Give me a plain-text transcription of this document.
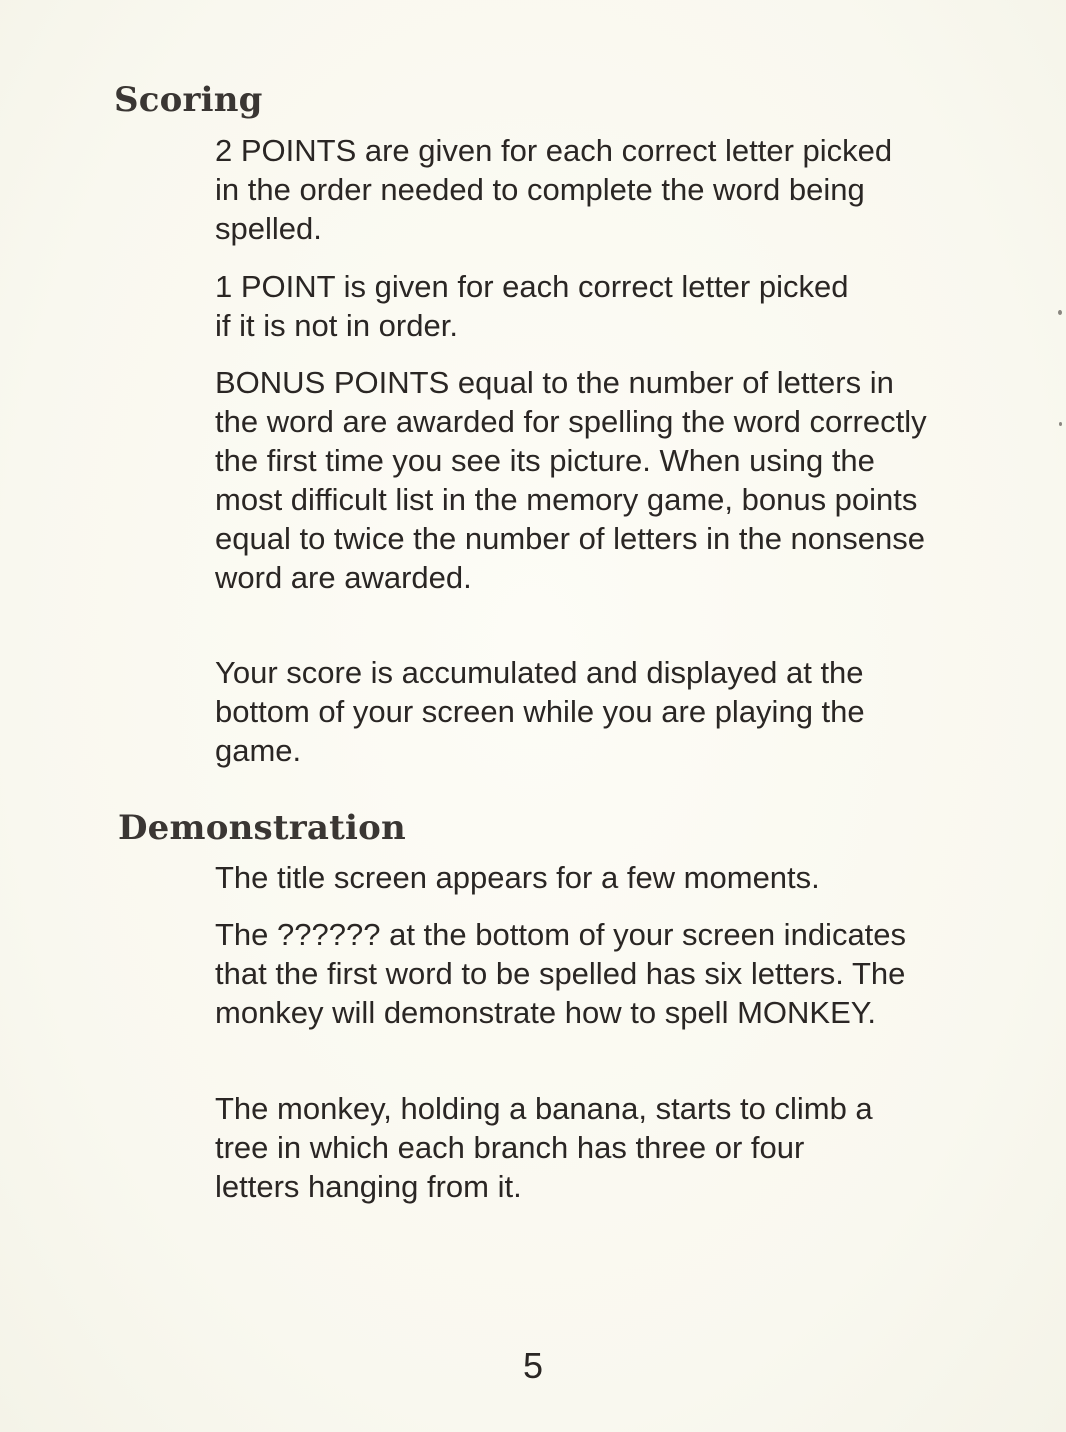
Scoring

2 POINTS are given for each correct letter picked in the order needed to complete the word being spelled.

1 POINT is given for each correct letter picked if it is not in order.

BONUS POINTS equal to the number of letters in the word are awarded for spelling the word correctly the first time you see its picture. When using the most difficult list in the memory game, bonus points equal to twice the number of letters in the nonsense word are awarded.

Your score is accumulated and displayed at the bottom of your screen while you are playing the game.

Demonstration

The title screen appears for a few moments.

The ?????? at the bottom of your screen indicates that the first word to be spelled has six letters. The monkey will demonstrate how to spell MONKEY.

The monkey, holding a banana, starts to climb a tree in which each branch has three or four letters hanging from it.

5
